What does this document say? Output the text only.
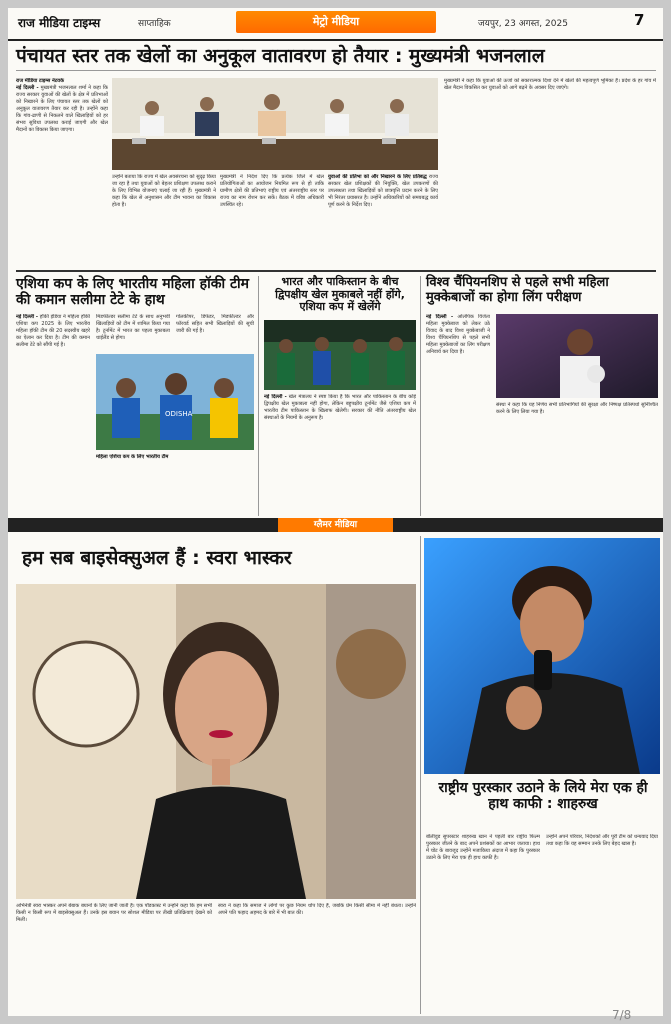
राज मीडिया टाइम्स	साप्ताहिक	मेट्रो मीडिया	जयपुर, 23 अगस्त, 2025	7
पंचायत स्तर तक खेलों का अनुकूल वातावरण हो तैयार : मुख्यमंत्री भजनलाल
राज मीडिया टाइम्स नेटवर्क
नई दिल्ली - मुख्यमंत्री भजनलाल शर्मा ने कहा कि राज्य सरकार युवाओं की खेलों के क्षेत्र में प्रतिभाओं को निखारने के लिए पंचायत स्तर तक खेलों को अनुकूल वातावरण तैयार कर रही है। उन्होंने कहा कि गांव-ढाणी से निकलने वाले खिलाड़ियों को हर संभव सुविधा उपलब्ध कराई जाएगी और खेल मैदानों का विकास किया जाएगा।
उन्होंने बताया कि राज्य में खेल अवसंरचना को सुदृढ़ किया जा रहा है तथा युवाओं को बेहतर प्रशिक्षण उपलब्ध कराने के लिए विभिन्न योजनाएं चलाई जा रही हैं। मुख्यमंत्री ने कहा कि खेल से अनुशासन और टीम भावना का विकास होता है।
मुख्यमंत्री ने निर्देश दिए कि प्रत्येक जिले में खेल प्रतियोगिताओं का आयोजन नियमित रूप से हो ताकि ग्रामीण क्षेत्रों की प्रतिभाएं राष्ट्रीय एवं अंतरराष्ट्रीय स्तर पर राज्य का नाम रोशन कर सकें। बैठक में वरिष्ठ अधिकारी उपस्थित रहे।
युवाओं की प्रतिभा को और निखारने के लिए प्रतिबद्ध राज्य सरकार खेल प्रशिक्षकों की नियुक्ति, खेल उपकरणों की उपलब्धता तथा खिलाड़ियों को छात्रवृत्ति प्रदान करने के लिए भी निरंतर प्रयासरत है। उन्होंने अधिकारियों को समयबद्ध कार्य पूर्ण करने के निर्देश दिए।
मुख्यमंत्री ने कहा कि युवाओं की ऊर्जा को सकारात्मक दिशा देने में खेलों की महत्वपूर्ण भूमिका है। प्रदेश के हर गांव में खेल मैदान विकसित कर युवाओं को आगे बढ़ने के अवसर दिए जाएंगे।
एशिया कप के लिए भारतीय महिला हॉकी टीम की कमान सलीमा टेटे के हाथ
नई दिल्ली - हॉकी इंडिया ने महिला हॉकी एशिया कप 2025 के लिए भारतीय महिला हॉकी टीम की 20 सदस्यीय खहरे का ऐलान कर दिया है। टीम की कमान सलीमा टेटे को सौंपी गई है।
मिडफील्डर सलीमा टेटे के साथ अनुभवी खिलाड़ियों को टीम में शामिल किया गया है। टूर्नामेंट में भारत का पहला मुकाबला थाईलैंड से होगा।
गोलकीपर, डिफेंडर, मिडफील्डर और फॉरवर्ड सहित सभी खिलाड़ियों की सूची जारी की गई है।
ODISHA
महिला एशिया कप के लिए भारतीय टीम
भारत और पाकिस्तान के बीच द्विपक्षीय खेल मुकाबले नहीं होंगे, एशिया कप में खेलेंगे
नई दिल्ली - खेल मंत्रालय ने स्पष्ट किया है कि भारत और पाकिस्तान के बीच कोई द्विपक्षीय खेल मुकाबला नहीं होगा, लेकिन बहुपक्षीय टूर्नामेंट जैसे एशिया कप में भारतीय टीम पाकिस्तान के खिलाफ खेलेगी। सरकार की नीति अंतरराष्ट्रीय खेल संस्थाओं के नियमों के अनुरूप है।
विश्व चैंपियनशिप से पहले सभी महिला मुक्केबाजों का होगा लिंग परीक्षण
नई दिल्ली - ओलंपिक विजेता महिला मुक्केबाज को लेकर उठे विवाद के बाद विश्व मुक्केबाजी ने विश्व चैंपियनशिप से पहले सभी महिला मुक्केबाजों का लिंग परीक्षण अनिवार्य कर दिया है।
संस्था ने कहा कि यह निर्णय सभी प्रतिभागियों की सुरक्षा और निष्पक्ष प्रतिस्पर्धा सुनिश्चित करने के लिए लिया गया है।
ग्लैमर मीडिया
हम सब बाइसेक्सुअल हैं : स्वरा भास्कर
अभिनेत्री स्वरा भास्कर अपने बेबाक बयानों के लिए जानी जाती हैं। एक पॉडकास्ट में उन्होंने कहा कि हम सभी किसी न किसी रूप में बाइसेक्सुअल हैं। उनके इस बयान पर सोशल मीडिया पर तीखी प्रतिक्रियाएं देखने को मिलीं।
स्वरा ने कहा कि समाज ने लोगों पर कुछ नियम थोप दिए हैं, जबकि प्रेम किसी सीमा में नहीं बंधता। उन्होंने अपने पति फहाद अहमद के बारे में भी बात की।
राष्ट्रीय पुरस्कार उठाने के लिये मेरा एक ही हाथ काफी : शाहरुख
बॉलीवुड सुपरस्टार शाहरुख खान ने पहली बार राष्ट्रीय फिल्म पुरस्कार जीतने के बाद अपने प्रशंसकों का आभार जताया। हाथ में चोट के बावजूद उन्होंने मजाकिया अंदाज में कहा कि पुरस्कार उठाने के लिए मेरा एक ही हाथ काफी है।
उन्होंने अपने परिवार, निर्देशकों और पूरी टीम को धन्यवाद दिया तथा कहा कि यह सम्मान उनके लिए बेहद खास है।
7/8
